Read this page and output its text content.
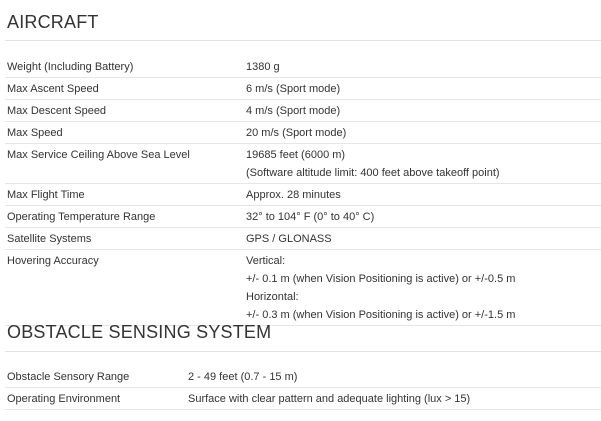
AIRCRAFT
Weight (Including Battery)	1380 g
Max Ascent Speed	6 m/s (Sport mode)
Max Descent Speed	4 m/s (Sport mode)
Max Speed	20 m/s (Sport mode)
Max Service Ceiling Above Sea Level	19685 feet (6000 m)
(Software altitude limit: 400 feet above takeoff point)
Max Flight Time	Approx. 28 minutes
Operating Temperature Range	32° to 104° F (0° to 40° C)
Satellite Systems	GPS / GLONASS
Hovering Accuracy	Vertical:
+/- 0.1 m (when Vision Positioning is active) or +/-0.5 m
Horizontal:
+/- 0.3 m (when Vision Positioning is active) or +/-1.5 m
OBSTACLE SENSING SYSTEM
Obstacle Sensory Range	2 - 49 feet (0.7 - 15 m)
Operating Environment	Surface with clear pattern and adequate lighting (lux > 15)
